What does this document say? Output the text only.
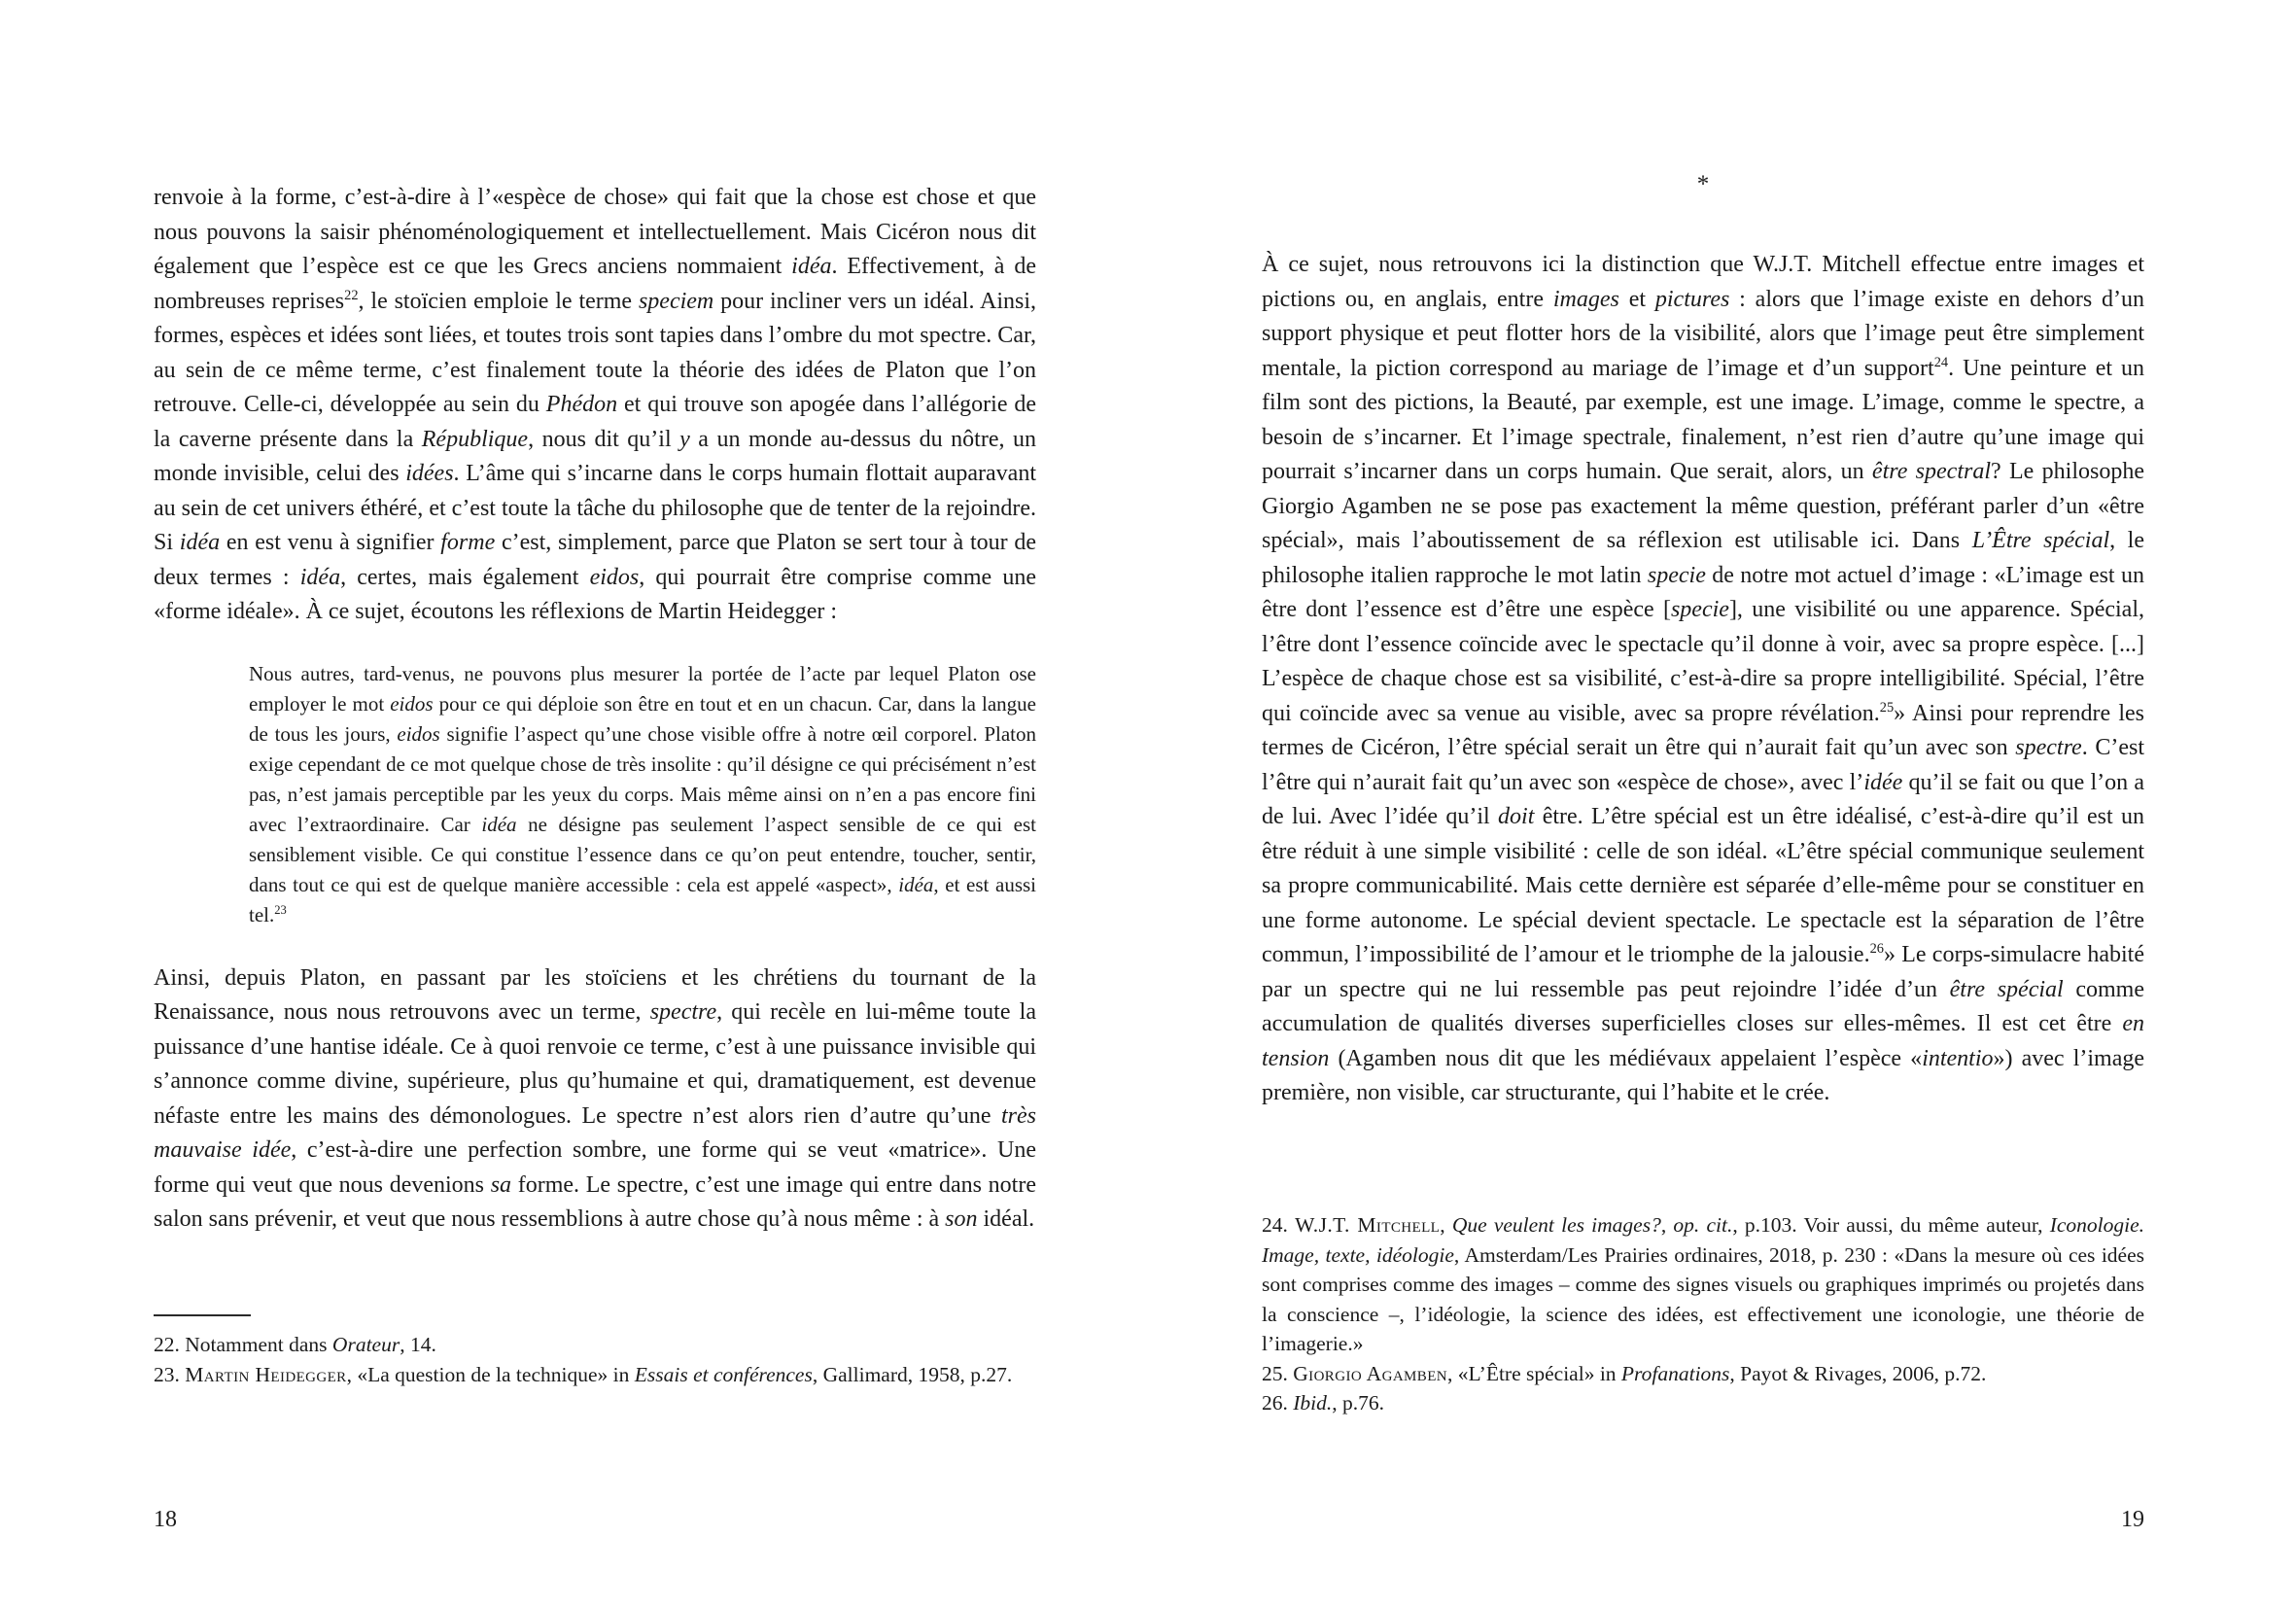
renvoie à la forme, c’est-à-dire à l’«espèce de chose» qui fait que la chose est chose et que nous pouvons la saisir phénoménologiquement et intellectuellement. Mais Cicéron nous dit également que l’espèce est ce que les Grecs anciens nommaient idéa. Effectivement, à de nombreuses reprises$^{22}$, le stoïcien emploie le terme speciem pour incliner vers un idéal. Ainsi, formes, espèces et idées sont liées, et toutes trois sont tapies dans l’ombre du mot spectre. Car, au sein de ce même terme, c’est finalement toute la théorie des idées de Platon que l’on retrouve. Celle-ci, développée au sein du Phédon et qui trouve son apogée dans l’allégorie de la caverne présente dans la République, nous dit qu’il y a un monde au-dessus du nôtre, un monde invisible, celui des idées. L’âme qui s’incarne dans le corps humain flottait auparavant au sein de cet univers éthéré, et c’est toute la tâche du philosophe que de tenter de la rejoindre. Si idéa en est venu à signifier forme c’est, simplement, parce que Platon se sert tour à tour de deux termes : idéa, certes, mais également eidos, qui pourrait être comprise comme une «forme idéale». À ce sujet, écoutons les réflexions de Martin Heidegger :

Nous autres, tard-venus, ne pouvons plus mesurer la portée de l’acte par lequel Platon ose employer le mot eidos pour ce qui déploie son être en tout et en un chacun. Car, dans la langue de tous les jours, eidos signifie l’aspect qu’une chose visible offre à notre œil corporel. Platon exige cependant de ce mot quelque chose de très insolite : qu’il désigne ce qui précisément n’est pas, n’est jamais perceptible par les yeux du corps. Mais même ainsi on n’en a pas encore fini avec l’extraordinaire. Car idéa ne désigne pas seulement l’aspect sensible de ce qui est sensiblement visible. Ce qui constitue l’essence dans ce qu’on peut entendre, toucher, sentir, dans tout ce qui est de quelque manière accessible : cela est appelé «aspect», idéa, et est aussi tel.$^{23}$

Ainsi, depuis Platon, en passant par les stoïciens et les chrétiens du tournant de la Renaissance, nous nous retrouvons avec un terme, spectre, qui recèle en lui-même toute la puissance d’une hantise idéale. Ce à quoi renvoie ce terme, c’est à une puissance invisible qui s’annonce comme divine, supérieure, plus qu’humaine et qui, dramatiquement, est devenue néfaste entre les mains des démonologues. Le spectre n’est alors rien d’autre qu’une très mauvaise idée, c’est-à-dire une perfection sombre, une forme qui se veut «matrice». Une forme qui veut que nous devenions sa forme. Le spectre, c’est une image qui entre dans notre salon sans prévenir, et veut que nous ressemblions à autre chose qu’à nous même : à son idéal.

22. Notamment dans Orateur, 14.

23. Martin Heidegger, «La question de la technique» in Essais et conférences, Gallimard, 1958, p.27.

18
*

À ce sujet, nous retrouvons ici la distinction que W.J.T. Mitchell effectue entre images et pictions ou, en anglais, entre images et pictures : alors que l’image existe en dehors d’un support physique et peut flotter hors de la visibilité, alors que l’image peut être simplement mentale, la piction correspond au mariage de l’image et d’un support$^{24}$. Une peinture et un film sont des pictions, la Beauté, par exemple, est une image. L’image, comme le spectre, a besoin de s’incarner. Et l’image spectrale, finalement, n’est rien d’autre qu’une image qui pourrait s’incarner dans un corps humain. Que serait, alors, un être spectral? Le philosophe Giorgio Agamben ne se pose pas exactement la même question, préférant parler d’un «être spécial», mais l’aboutissement de sa réflexion est utilisable ici. Dans L’Être spécial, le philosophe italien rapproche le mot latin specie de notre mot actuel d’image : «L’image est un être dont l’essence est d’être une espèce [specie], une visibilité ou une apparence. Spécial, l’être dont l’essence coïncide avec le spectacle qu’il donne à voir, avec sa propre espèce. [...] L’espèce de chaque chose est sa visibilité, c’est-à-dire sa propre intelligibilité. Spécial, l’être qui coïncide avec sa venue au visible, avec sa propre révélation.$^{25}$» Ainsi pour reprendre les termes de Cicéron, l’être spécial serait un être qui n’aurait fait qu’un avec son spectre. C’est l’être qui n’aurait fait qu’un avec son «espèce de chose», avec l’idée qu’il se fait ou que l’on a de lui. Avec l’idée qu’il doit être. L’être spécial est un être idéalisé, c’est-à-dire qu’il est un être réduit à une simple visibilité : celle de son idéal. «L’être spécial communique seulement sa propre communicabilité. Mais cette dernière est séparée d’elle-même pour se constituer en une forme autonome. Le spécial devient spectacle. Le spectacle est la séparation de l’être commun, l’impossibilité de l’amour et le triomphe de la jalousie.$^{26}$» Le corps-simulacre habité par un spectre qui ne lui ressemble pas peut rejoindre l’idée d’un être spécial comme accumulation de qualités diverses superficielles closes sur elles-mêmes. Il est cet être en tension (Agamben nous dit que les médiévaux appelaient l’espèce «intentio») avec l’image première, non visible, car structurante, qui l’habite et le crée.

24. W.J.T. Mitchell, Que veulent les images?, op. cit., p.103. Voir aussi, du même auteur, Iconologie. Image, texte, idéologie, Amsterdam/Les Prairies ordinaires, 2018, p. 230 : «Dans la mesure où ces idées sont comprises comme des images – comme des signes visuels ou graphiques imprimés ou projetés dans la conscience –, l’idéologie, la science des idées, est effectivement une iconologie, une théorie de l’imagerie.»

25. Giorgio Agamben, «L’Être spécial» in Profanations, Payot & Rivages, 2006, p.72.

26. Ibid., p.76.

19
